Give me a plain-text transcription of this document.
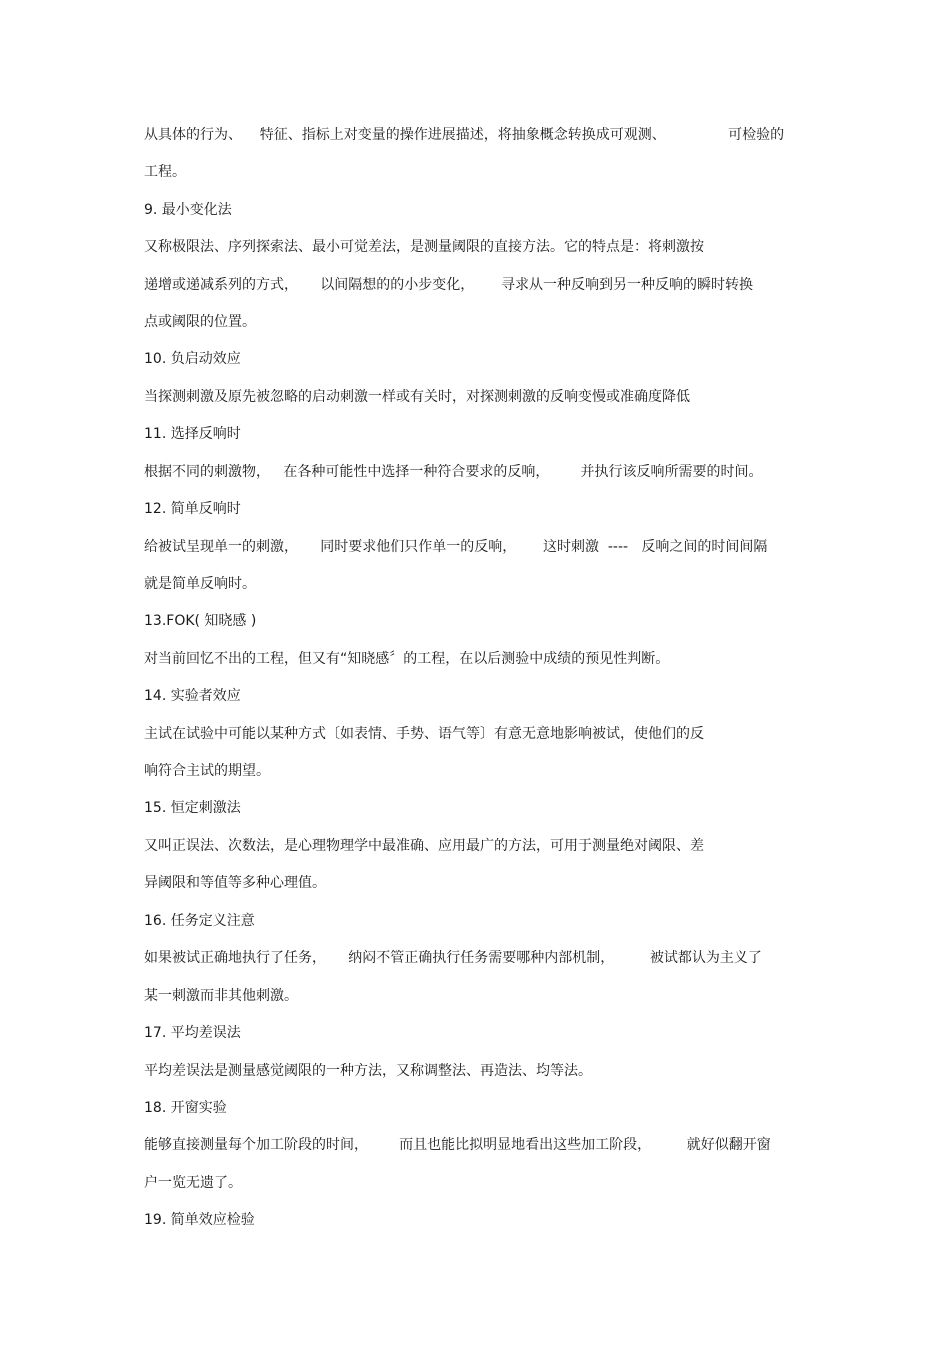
从具体的行为、    特征、指标上对变量的操作进展描述，将抽象概念转换成可观测、              可检验的
工程。
9. 最小变化法
又称极限法、序列探索法、最小可觉差法，是测量阈限的直接方法。它的特点是：将刺激按
递增或递减系列的方式，     以间隔想的的小步变化，      寻求从一种反响到另一种反响的瞬时转换
点或阈限的位置。
10. 负启动效应
当探测刺激及原先被忽略的启动刺激一样或有关时，对探测刺激的反响变慢或准确度降低
11. 选择反响时
根据不同的刺激物，   在各种可能性中选择一种符合要求的反响，       并执行该反响所需要的时间。
12. 简单反响时
给被试呈现单一的刺激，     同时要求他们只作单一的反响，      这时刺激  ----   反响之间的时间间隔
就是简单反响时。
13.FOK( 知晓感 )
对当前回忆不出的工程，但又有“知晓感〞的工程，在以后测验中成绩的预见性判断。
14. 实验者效应
主试在试验中可能以某种方式〔如表情、手势、语气等〕有意无意地影响被试，使他们的反
响符合主试的期望。
15. 恒定刺激法
又叫正误法、次数法，是心理物理学中最准确、应用最广的方法，可用于测量绝对阈限、差
异阈限和等值等多种心理值。
16. 任务定义注意
如果被试正确地执行了任务，     纳闷不管正确执行任务需要哪种内部机制，        被试都认为主义了
某一刺激而非其他刺激。
17. 平均差误法
平均差误法是测量感觉阈限的一种方法，又称调整法、再造法、均等法。
18. 开窗实验
能够直接测量每个加工阶段的时间，       而且也能比拟明显地看出这些加工阶段，        就好似翻开窗
户一览无遗了。
19. 简单效应检验
